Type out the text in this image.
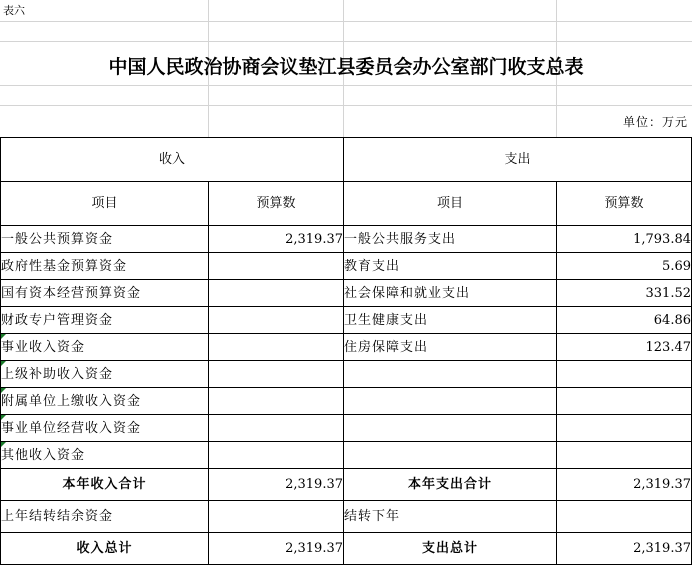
表六
中国人民政治协商会议垫江县委员会办公室部门收支总表
单位：万元
收入		支出	
项目	预算数	项目	预算数
一般公共预算资金	2,319.37	一般公共服务支出	1,793.84
政府性基金预算资金		教育支出	5.69
国有资本经营预算资金		社会保障和就业支出	331.52
财政专户管理资金		卫生健康支出	64.86
事业收入资金		住房保障支出	123.47
上级补助收入资金			
附属单位上缴收入资金			
事业单位经营收入资金			
其他收入资金			
本年收入合计	2,319.37	本年支出合计	2,319.37
上年结转结余资金		结转下年	
收入总计	2,319.37	支出总计	2,319.37
